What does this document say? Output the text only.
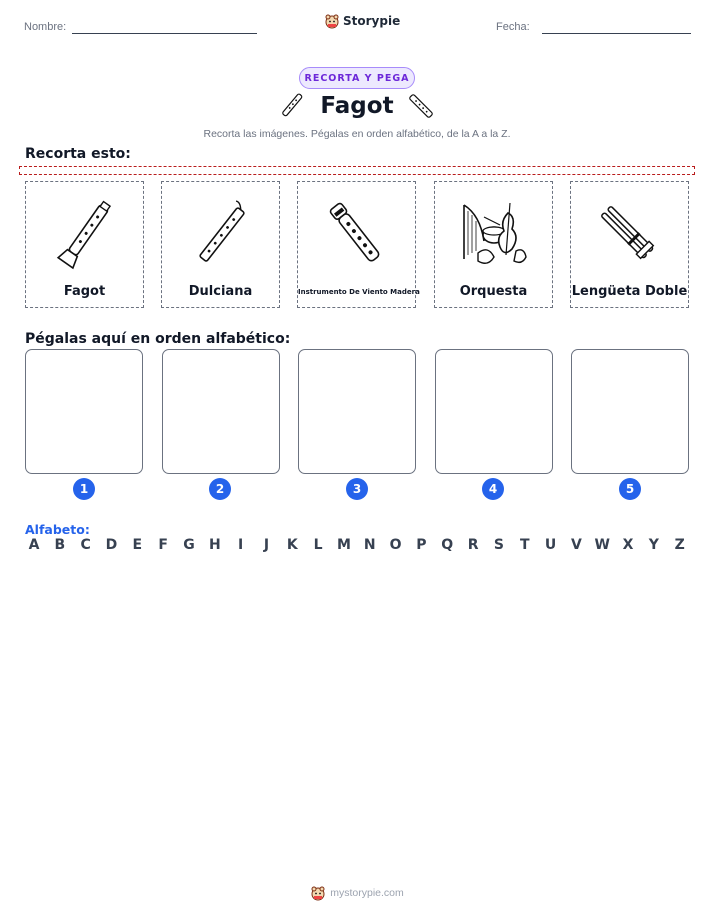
Nombre:	Storypie	Fecha:
RECORTA Y PEGA
Fagot
Recorta las imágenes. Pégalas en orden alfabético, de la A a la Z.
Recorta esto:
Fagot	Dulciana	Instrumento De Viento Madera	Orquesta	Lengüeta Doble
Pégalas aquí en orden alfabético:
1	2	3	4	5
Alfabeto:
A B C D	E	F	G H	I	J	K	L	M N O P Q R S	T	U V W X Y Z
mystorypie.com
